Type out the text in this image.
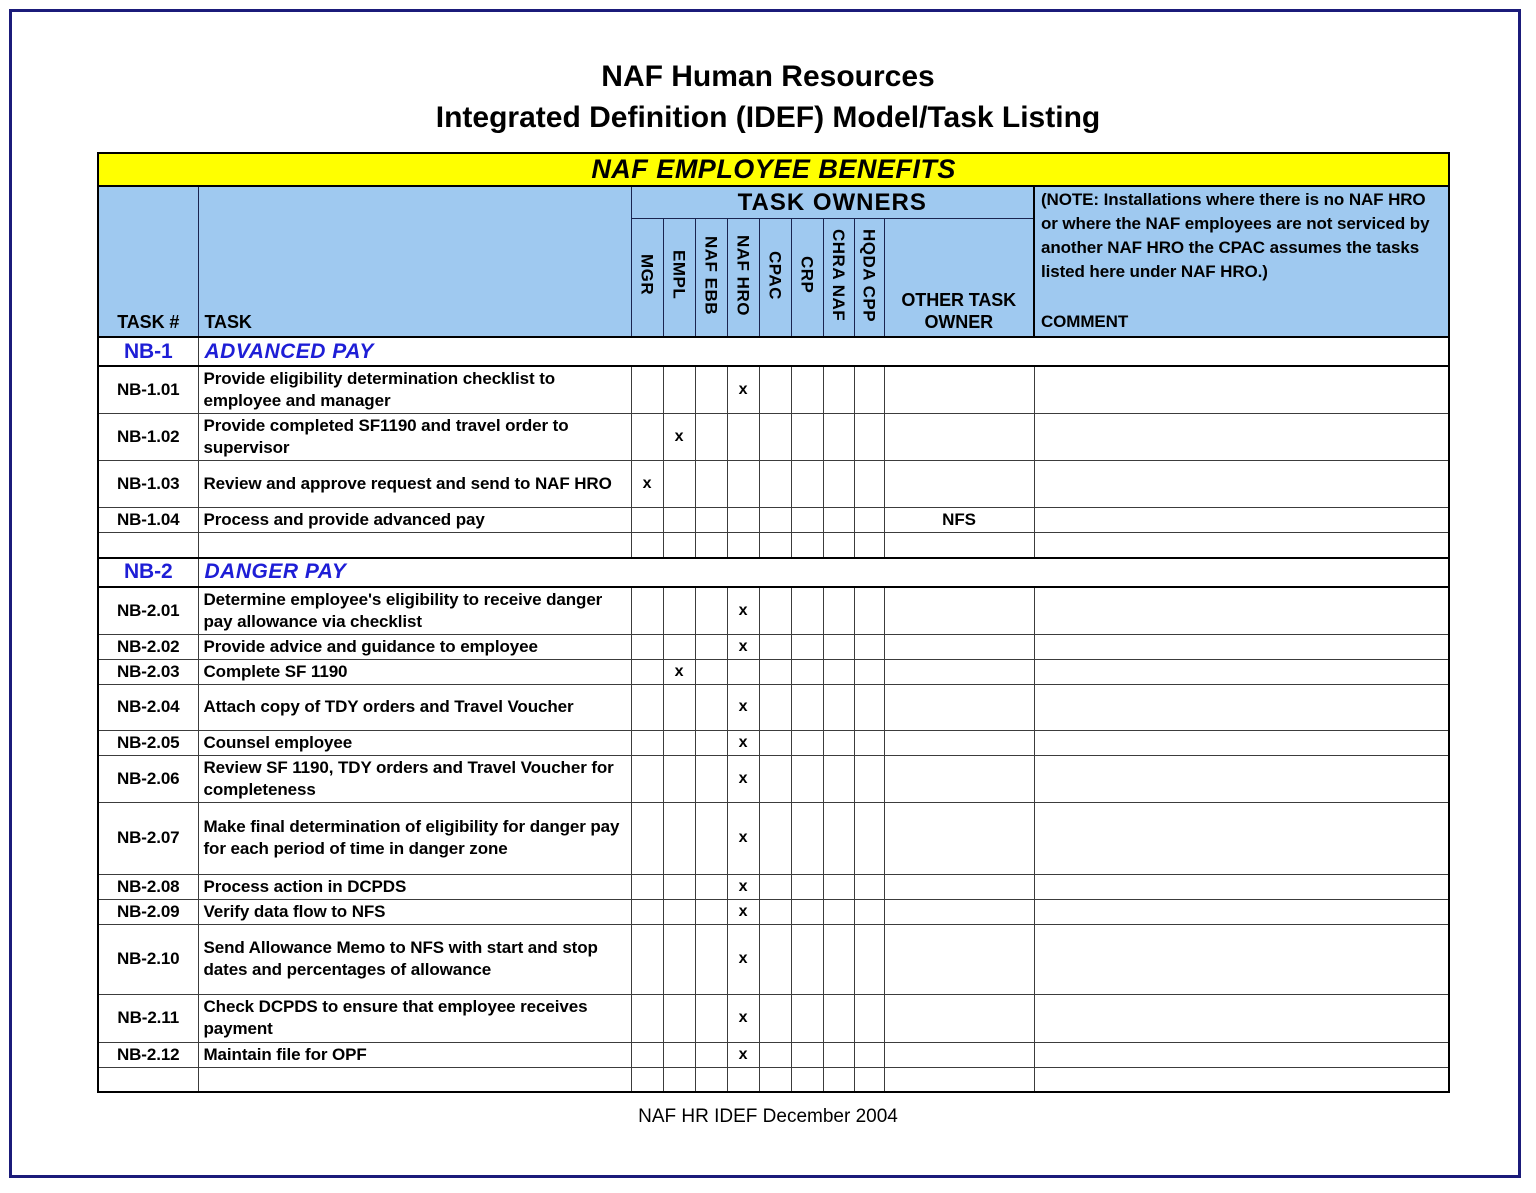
NAF Human Resources
Integrated Definition (IDEF) Model/Task Listing
NAF EMPLOYEE BENEFITS											
TASK #	TASK	TASK OWNERS									(NOTE: Installations where there is no NAF HRO or where the NAF employees are not serviced by another NAF HRO the CPAC assumes the tasks listed here under NAF HRO.)
COMMENT

		MGR	EMPL	NAF EBB	NAF HRO	CPAC	CRP	CHRA NAF	HQDA CPP	OTHER TASK OWNER	
NB-1	ADVANCED PAY										
NB-1.01	Provide eligibility determination checklist to employee and manager				x						
NB-1.02	Provide completed SF1190 and travel order to supervisor		x								
NB-1.03	Review and approve request and send to NAF HRO	x									
NB-1.04	Process and provide advanced pay									NFS	

NB-2	DANGER PAY										
NB-2.01	Determine employee's eligibility to receive danger pay allowance via checklist				x						
NB-2.02	Provide advice and guidance to employee				x						
NB-2.03	Complete SF 1190		x								
NB-2.04	Attach copy of TDY orders and Travel Voucher				x						
NB-2.05	Counsel employee				x						
NB-2.06	Review SF 1190, TDY orders and Travel Voucher for completeness				x						
NB-2.07	Make final determination of eligibility for danger pay for each period of time in danger zone				x						
NB-2.08	Process action in DCPDS				x						
NB-2.09	Verify data flow to NFS				x						
NB-2.10	Send Allowance Memo to NFS with start and stop dates and percentages of allowance				x						
NB-2.11	Check DCPDS to ensure that employee receives payment				x						
NB-2.12	Maintain file for OPF				x						

NAF HR IDEF December 2004
